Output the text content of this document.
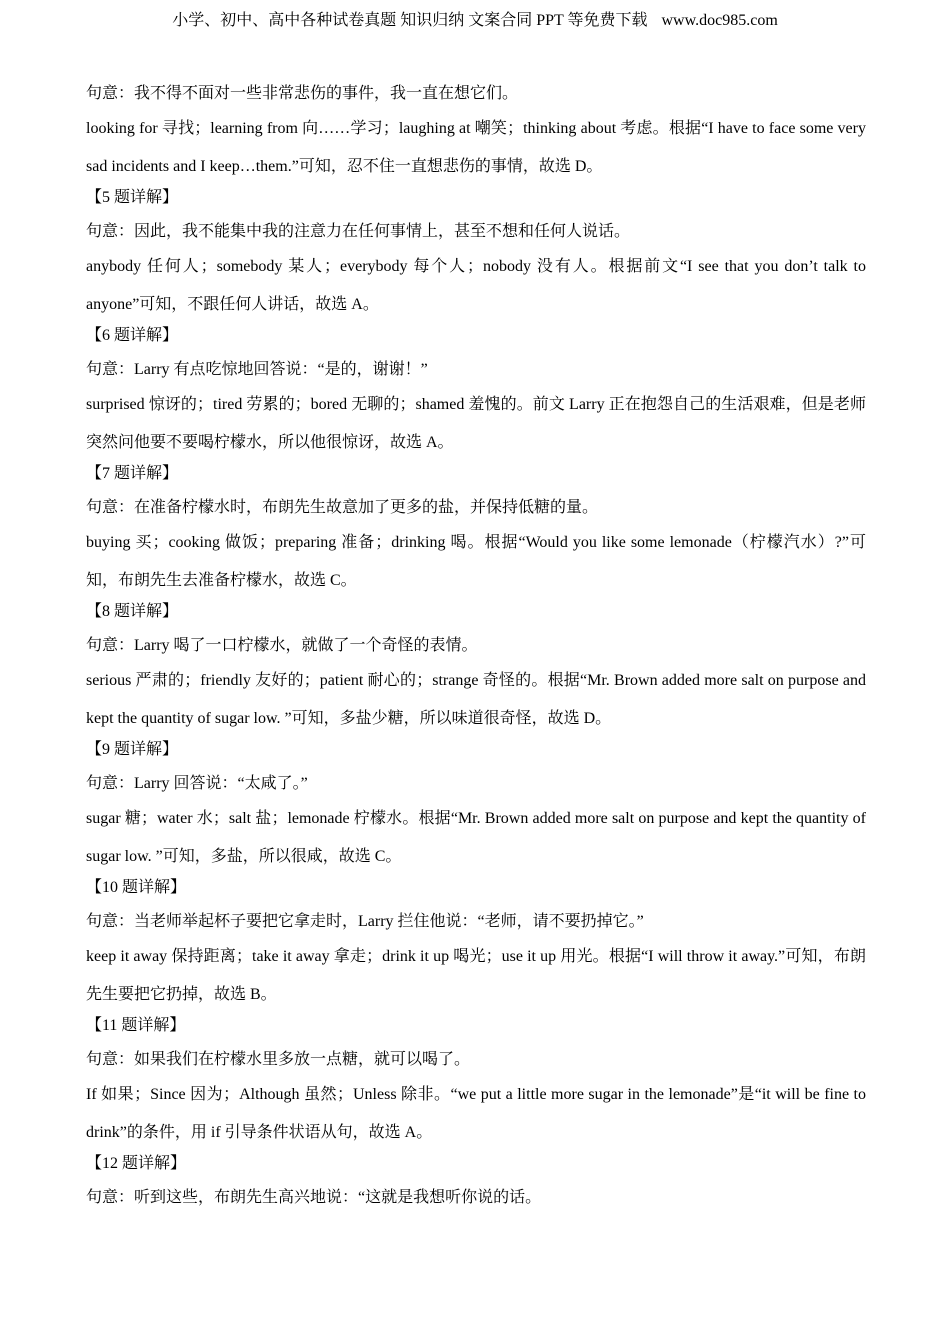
小学、初中、高中各种试卷真题 知识归纳 文案合同 PPT 等免费下载 www.doc985.com

句意：我不得不面对一些非常悲伤的事件，我一直在想它们。

looking for 寻找；learning from 向……学习；laughing at 嘲笑；thinking about 考虑。根据“I have to face some very sad incidents and I keep…them.”可知，忍不住一直想悲伤的事情，故选 D。

【5 题详解】

句意：因此，我不能集中我的注意力在任何事情上，甚至不想和任何人说话。

anybody 任何人；somebody 某人；everybody 每个人；nobody 没有人。根据前文“I see that you don’t talk to anyone”可知，不跟任何人讲话，故选 A。

【6 题详解】

句意：Larry 有点吃惊地回答说：“是的，谢谢！”

surprised 惊讶的；tired 劳累的；bored 无聊的；shamed 羞愧的。前文 Larry 正在抱怨自己的生活艰难，但是老师突然问他要不要喝柠檬水，所以他很惊讶，故选 A。

【7 题详解】

句意：在准备柠檬水时，布朗先生故意加了更多的盐，并保持低糖的量。

buying 买；cooking 做饭；preparing 准备；drinking 喝。根据“Would you like some lemonade（柠檬汽水）?”可知，布朗先生去准备柠檬水，故选 C。

【8 题详解】

句意：Larry 喝了一口柠檬水，就做了一个奇怪的表情。

serious 严肃的；friendly 友好的；patient 耐心的；strange 奇怪的。根据“Mr. Brown added more salt on purpose and kept the quantity of sugar low. ”可知，多盐少糖，所以味道很奇怪，故选 D。

【9 题详解】

句意：Larry 回答说：“太咸了。”

sugar 糖；water 水；salt 盐；lemonade 柠檬水。根据“Mr. Brown added more salt on purpose and kept the quantity of sugar low. ”可知，多盐，所以很咸，故选 C。

【10 题详解】

句意：当老师举起杯子要把它拿走时，Larry 拦住他说：“老师，请不要扔掉它。”

keep it away 保持距离；take it away 拿走；drink it up 喝光；use it up 用光。根据“I will throw it away.”可知，布朗先生要把它扔掉，故选 B。

【11 题详解】

句意：如果我们在柠檬水里多放一点糖，就可以喝了。

If 如果；Since 因为；Although 虽然；Unless 除非。“we put a little more sugar in the lemonade”是“it will be fine to drink”的条件，用 if 引导条件状语从句，故选 A。

【12 题详解】

句意：听到这些，布朗先生高兴地说：“这就是我想听你说的话。
